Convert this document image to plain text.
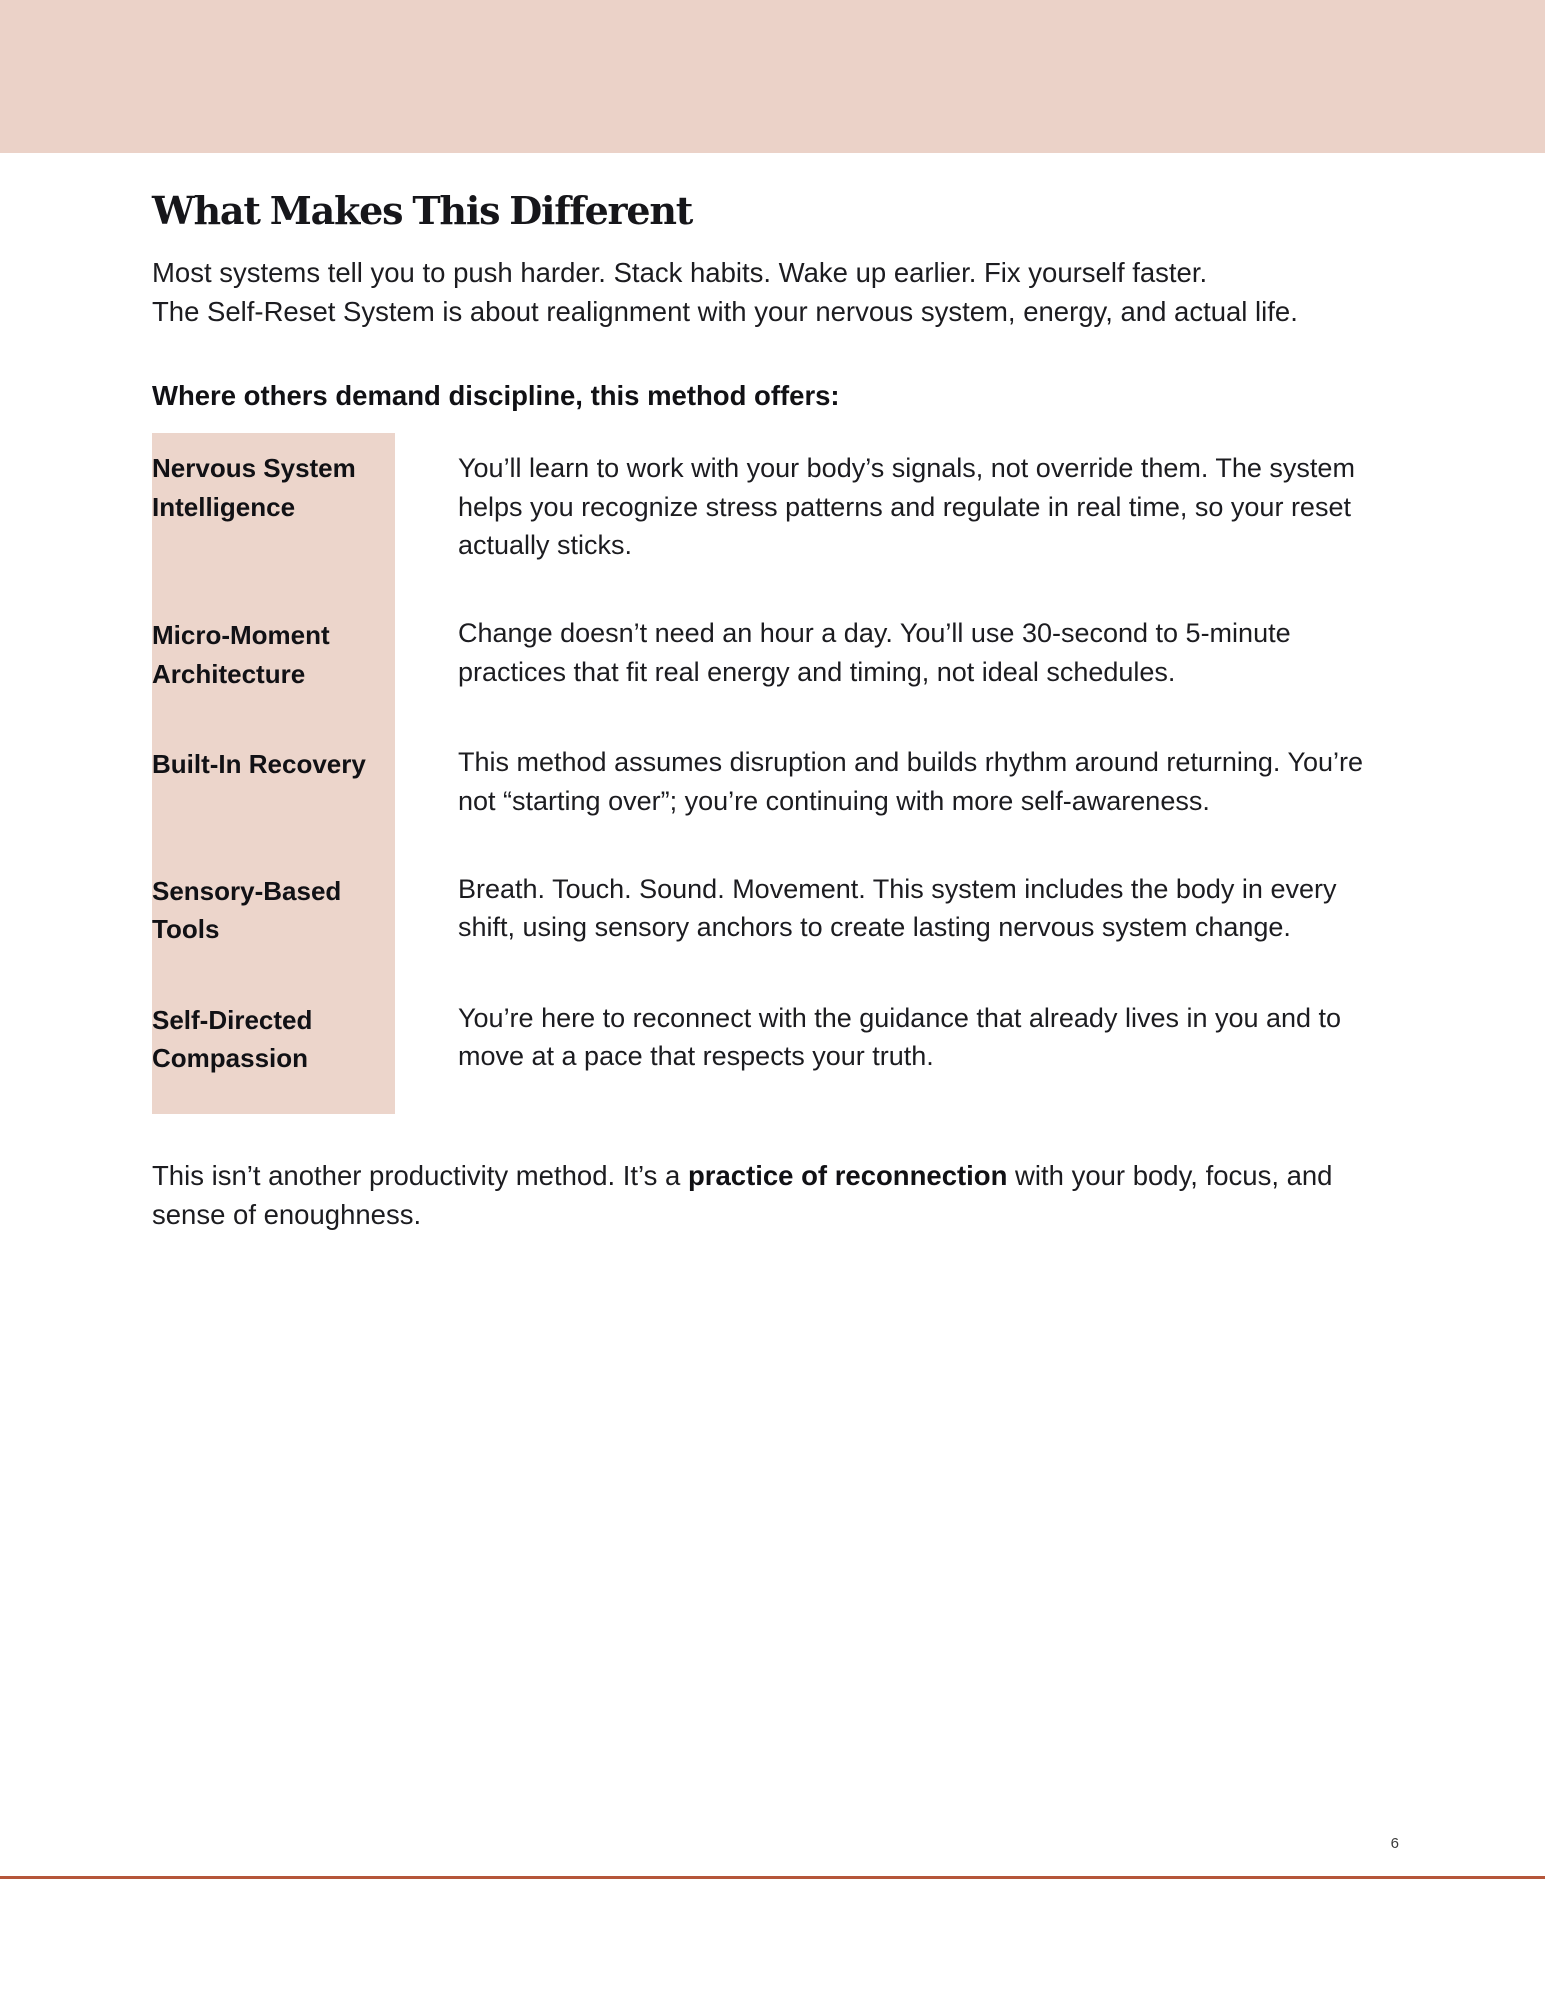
What Makes This Different

Most systems tell you to push harder. Stack habits. Wake up earlier. Fix yourself faster.

The Self-Reset System is about realignment with your nervous system, energy, and actual life.

Where others demand discipline, this method offers:

Nervous System Intelligence		You’ll learn to work with your body’s signals, not override them. The system helps you recognize stress patterns and regulate in real time, so your reset actually sticks.
Micro-Moment Architecture		Change doesn’t need an hour a day. You’ll use 30-second to 5-minute practices that fit real energy and timing, not ideal schedules.
Built-In Recovery		This method assumes disruption and builds rhythm around returning. You’re not “starting over”; you’re continuing with more self-awareness.
Sensory-Based Tools		Breath. Touch. Sound. Movement. This system includes the body in every shift, using sensory anchors to create lasting nervous system change.
Self-Directed Compassion		You’re here to reconnect with the guidance that already lives in you and to move at a pace that respects your truth.

This isn’t another productivity method. It’s a practice of reconnection with your body, focus, and sense of enoughness.

6
